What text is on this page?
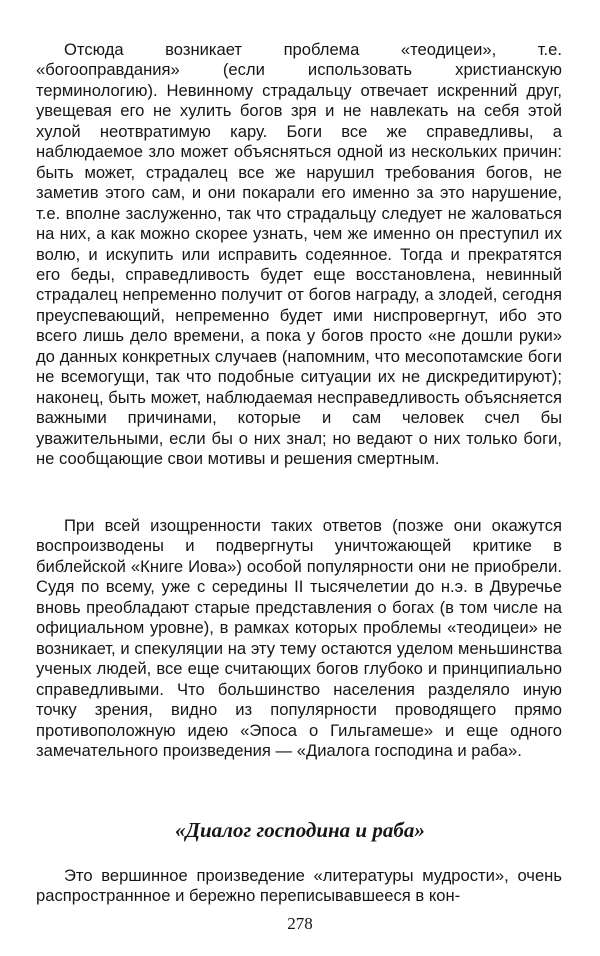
Отсюда возникает проблема «теодицеи», т.е. «богооправдания» (если использовать христианскую терминологию). Невинному страдальцу отвечает искренний друг, увещевая его не хулить богов зря и не навлекать на себя этой хулой неотвратимую кару. Боги все же справедливы, а наблюдаемое зло может объясняться одной из нескольких причин: быть может, страдалец все же нарушил требования богов, не заметив этого сам, и они покарали его именно за это нарушение, т.е. вполне заслуженно, так что страдальцу следует не жаловаться на них, а как можно скорее узнать, чем же именно он преступил их волю, и искупить или исправить содеянное. Тогда и прекратятся его беды, справедливость будет еще восстановлена, невинный страдалец непременно получит от богов награду, а злодей, сегодня преуспевающий, непременно будет ими ниспровергнут, ибо это всего лишь дело времени, а пока у богов просто «не дошли руки» до данных конкретных случаев (напомним, что месопотамские боги не всемогущи, так что подобные ситуации их не дискредитируют); наконец, быть может, наблюдаемая несправедливость объясняется важными причинами, которые и сам человек счел бы уважительными, если бы о них знал; но ведают о них только боги, не сообщающие свои мотивы и решения смертным.

При всей изощренности таких ответов (позже они окажутся воспроизводены и подвергнуты уничтожающей критике в библейской «Книге Иова») особой популярности они не приобрели. Судя по всему, уже с середины II тысячелетии до н.э. в Двуречье вновь преобладают старые представления о богах (в том числе на официальном уровне), в рамках которых проблемы «теодицеи» не возникает, и спекуляции на эту тему остаются уделом меньшинства ученых людей, все еще считающих богов глубоко и принципиально справедливыми. Что большинство населения разделяло иную точку зрения, видно из популярности проводящего прямо противоположную идею «Эпоса о Гильгамеше» и еще одного замечательного произведения — «Диалога господина и раба».

«Диалог господина и раба»

Это вершинное произведение «литературы мудрости», очень распространнное и бережно переписывавшееся в кон-

278
